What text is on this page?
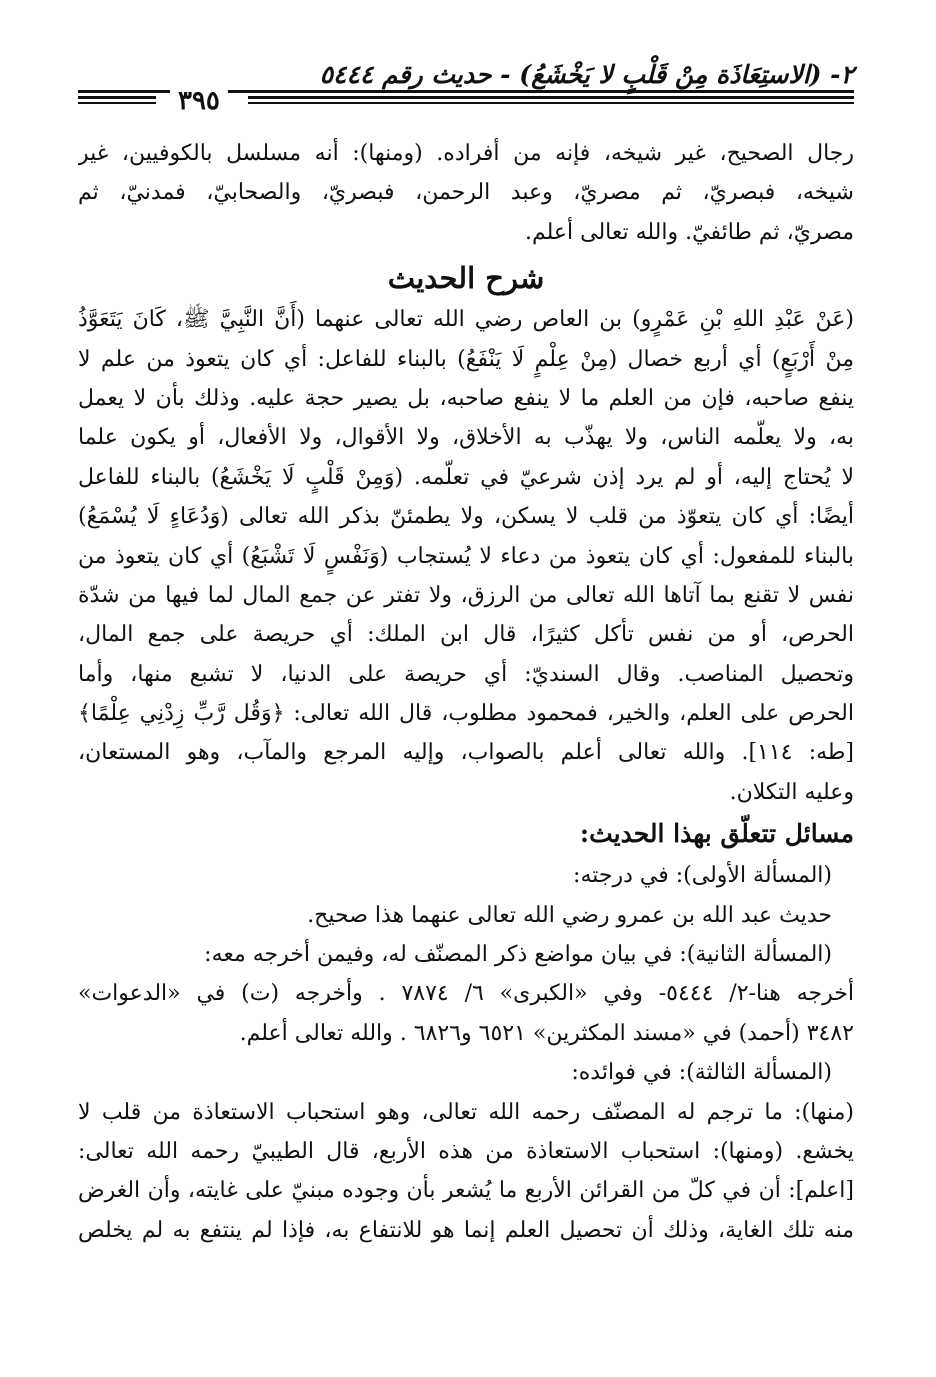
٢- (الاستِعَاذَة مِنْ قَلْبٍ لا يَخْشَعُ) - حديث رقم ٥٤٤٤
٣٩٥
رجال الصحيح، غير شيخه، فإنه من أفراده. (ومنها): أنه مسلسل بالكوفيين، غير
شيخه، فبصريّ، ثم مصريّ، وعبد الرحمن، فبصريّ، والصحابيّ، فمدنيّ، ثم
مصريّ، ثم طائفيّ. والله تعالى أعلم.
شرح الحديث
(عَنْ عَبْدِ اللهِ بْنِ عَمْرٍو) بن العاص رضي الله تعالى عنهما (أَنَّ النَّبِيَّ ﷺ، كَانَ يَتَعَوَّذُ
مِنْ أَرْبَعٍ) أي أربع خصال (مِنْ عِلْمٍ لَا يَنْفَعُ) بالبناء للفاعل: أي كان يتعوذ من علم لا
ينفع صاحبه، فإن من العلم ما لا ينفع صاحبه، بل يصير حجة عليه. وذلك بأن لا يعمل
به، ولا يعلّمه الناس، ولا يهذّب به الأخلاق، ولا الأقوال، ولا الأفعال، أو يكون علما
لا يُحتاج إليه، أو لم يرد إذن شرعيّ في تعلّمه. (وَمِنْ قَلْبٍ لَا يَخْشَعُ) بالبناء للفاعل
أيضًا: أي كان يتعوّذ من قلب لا يسكن، ولا يطمئنّ بذكر الله تعالى (وَدُعَاءٍ لَا يُسْمَعُ)
بالبناء للمفعول: أي كان يتعوذ من دعاء لا يُستجاب (وَنَفْسٍ لَا تَشْبَعُ) أي كان يتعوذ من
نفس لا تقنع بما آتاها الله تعالى من الرزق، ولا تفتر عن جمع المال لما فيها من شدّة
الحرص، أو من نفس تأكل كثيرًا، قال ابن الملك: أي حريصة على جمع المال،
وتحصيل المناصب. وقال السنديّ: أي حريصة على الدنيا، لا تشبع منها، وأما
الحرص على العلم، والخير، فمحمود مطلوب، قال الله تعالى: ﴿وَقُل رَّبِّ زِدْنِي عِلْمًا﴾
[طه: ١١٤]. والله تعالى أعلم بالصواب، وإليه المرجع والمآب، وهو المستعان،
وعليه التكلان.
مسائل تتعلّق بهذا الحديث:
(المسألة الأولى): في درجته:
حديث عبد الله بن عمرو رضي الله تعالى عنهما هذا صحيح.
(المسألة الثانية): في بيان مواضع ذكر المصنّف له، وفيمن أخرجه معه:
أخرجه هنا-٢/ ٥٤٤٤- وفي «الكبرى» ٦/ ٧٨٧٤ . وأخرجه (ت) في «الدعوات»
٣٤٨٢ (أحمد) في «مسند المكثرين» ٦٥٢١ و٦٨٢٦ . والله تعالى أعلم.
(المسألة الثالثة): في فوائده:
(منها): ما ترجم له المصنّف رحمه الله تعالى، وهو استحباب الاستعاذة من قلب لا
يخشع. (ومنها): استحباب الاستعاذة من هذه الأربع، قال الطيبيّ رحمه الله تعالى:
[اعلم]: أن في كلّ من القرائن الأربع ما يُشعر بأن وجوده مبنيّ على غايته، وأن الغرض
منه تلك الغاية، وذلك أن تحصيل العلم إنما هو للانتفاع به، فإذا لم ينتفع به لم يخلص
